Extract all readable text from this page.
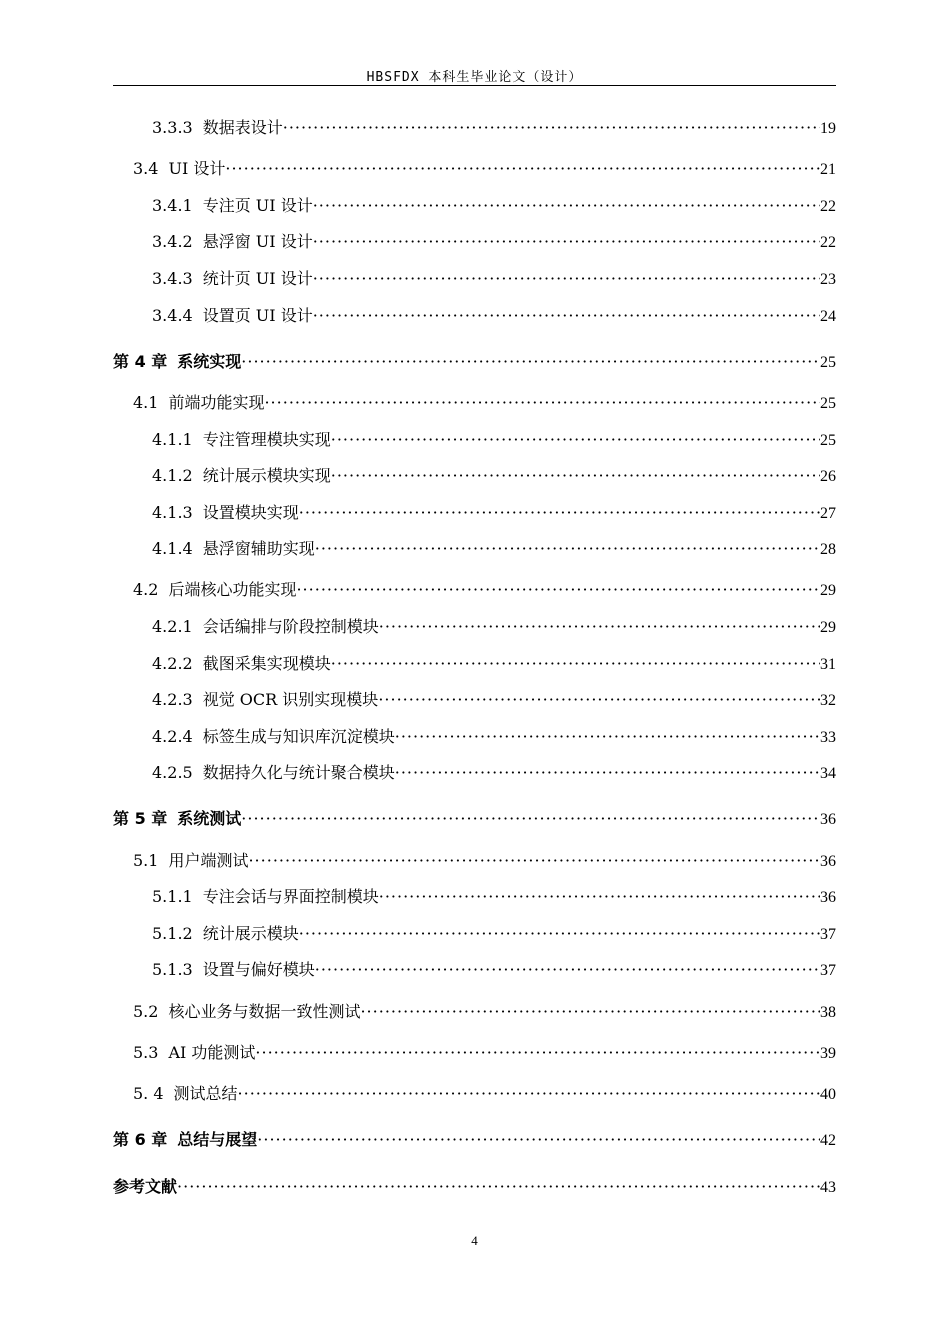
HBSFDX 本科生毕业论文（设计）
3.3.3 数据表设计 ·····	19
3.4 UI 设计 ·····	21
3.4.1 专注页 UI 设计 ·····	22
3.4.2 悬浮窗 UI 设计 ·····	22
3.4.3 统计页 UI 设计 ·····	23
3.4.4 设置页 UI 设计 ·····	24
第 4 章 系统实现 ·····	25
4.1 前端功能实现 ·····	25
4.1.1 专注管理模块实现 ·····	25
4.1.2 统计展示模块实现 ·····	26
4.1.3 设置模块实现 ·····	27
4.1.4 悬浮窗辅助实现 ·····	28
4.2 后端核心功能实现 ·····	29
4.2.1 会话编排与阶段控制模块 ·····	29
4.2.2 截图采集实现模块 ·····	31
4.2.3 视觉 OCR 识别实现模块 ·····	32
4.2.4 标签生成与知识库沉淀模块 ·····	33
4.2.5 数据持久化与统计聚合模块 ·····	34
第 5 章 系统测试 ·····	36
5.1 用户端测试 ·····	36
5.1.1 专注会话与界面控制模块 ·····	36
5.1.2 统计展示模块 ·····	37
5.1.3 设置与偏好模块 ·····	37
5.2 核心业务与数据一致性测试 ·····	38
5.3 AI 功能测试 ·····	39
5. 4 测试总结 ·····	40
第 6 章 总结与展望 ·····	42
参考文献 ·····	43
4
